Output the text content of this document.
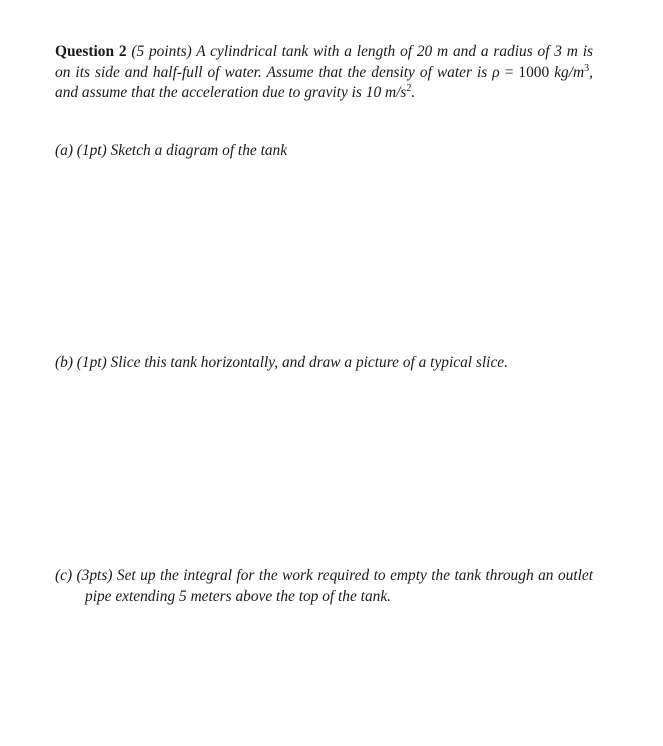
Question 2 (5 points) A cylindrical tank with a length of 20 m and a radius of 3 m is on its side and half-full of water. Assume that the density of water is ρ = 1000 $kg/m^3$, and assume that the acceleration due to gravity is 10 $m/s^2$.
(a) (1pt) Sketch a diagram of the tank
(b) (1pt) Slice this tank horizontally, and draw a picture of a typical slice.
(c) (3pts) Set up the integral for the work required to empty the tank through an outlet pipe extending 5 meters above the top of the tank.
